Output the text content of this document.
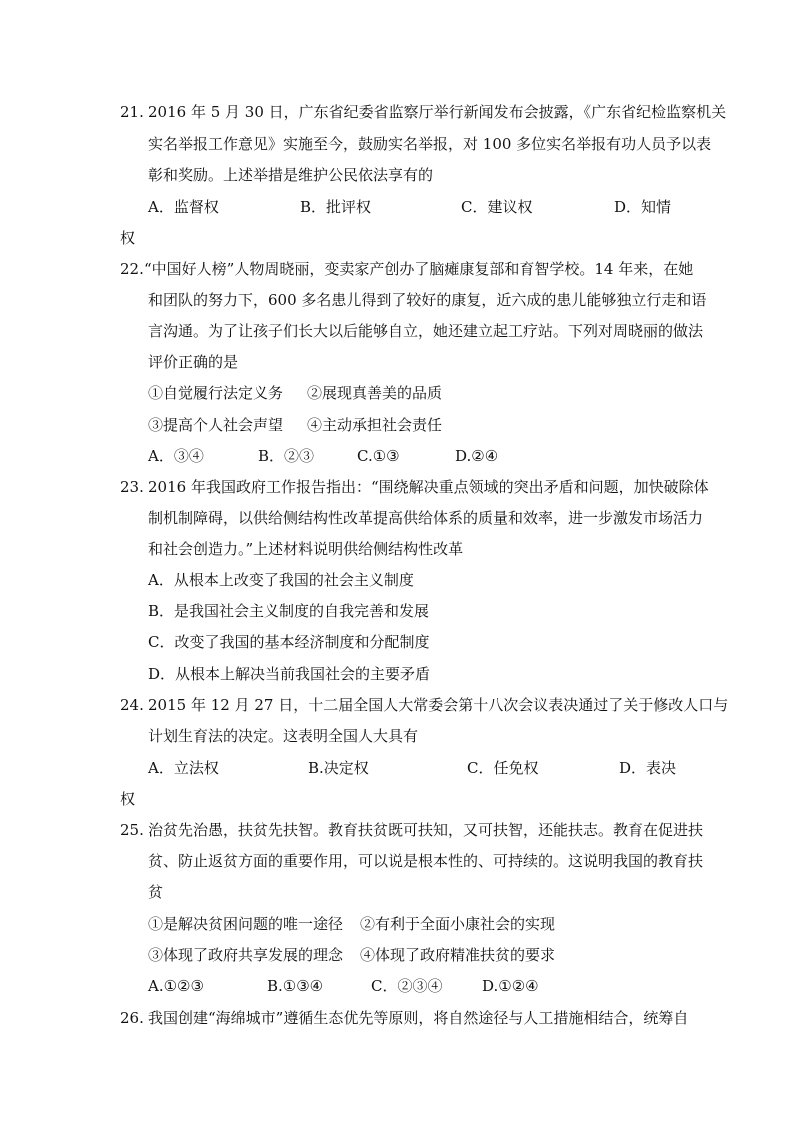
21. 2016 年 5 月 30 日，广东省纪委省监察厅举行新闻发布会披露，《广东省纪检监察机关
实名举报工作意见》实施至今，鼓励实名举报，对 100 多位实名举报有功人员予以表
彰和奖励。上述举措是维护公民依法享有的
A．监督权	B．批评权	C．建议权	D．知情
权
22. “中国好人榜”人物周晓丽，变卖家产创办了脑瘫康复部和育智学校。14 年来，在她
和团队的努力下，600 多名患儿得到了较好的康复，近六成的患儿能够独立行走和语
言沟通。为了让孩子们长大以后能够自立，她还建立起工疗站。下列对周晓丽的做法
评价正确的是
①自觉履行法定义务 ②展现真善美的品质
③提高个人社会声望 ④主动承担社会责任
A．③④	B．②③	C.①③	D.②④
23. 2016 年我国政府工作报告指出：“围绕解决重点领域的突出矛盾和问题，加快破除体
制机制障碍，以供给侧结构性改革提高供给体系的质量和效率，进一步激发市场活力
和社会创造力。”上述材料说明供给侧结构性改革
A．从根本上改变了我国的社会主义制度
B．是我国社会主义制度的自我完善和发展
C．改变了我国的基本经济制度和分配制度
D．从根本上解决当前我国社会的主要矛盾
24. 2015 年 12 月 27 日，十二届全国人大常委会第十八次会议表决通过了关于修改人口与
计划生育法的决定。这表明全国人大具有
A．立法权	B.决定权	C．任免权	D．表决
权
25. 治贫先治愚，扶贫先扶智。教育扶贫既可扶知，又可扶智，还能扶志。教育在促进扶
贫、防止返贫方面的重要作用，可以说是根本性的、可持续的。这说明我国的教育扶
贫
①是解决贫困问题的唯一途径 ②有利于全面小康社会的实现
③体现了政府共享发展的理念 ④体现了政府精准扶贫的要求
A.①②③	B.①③④	C．②③④	D.①②④
26. 我国创建“海绵城市”遵循生态优先等原则，将自然途径与人工措施相结合，统筹自
